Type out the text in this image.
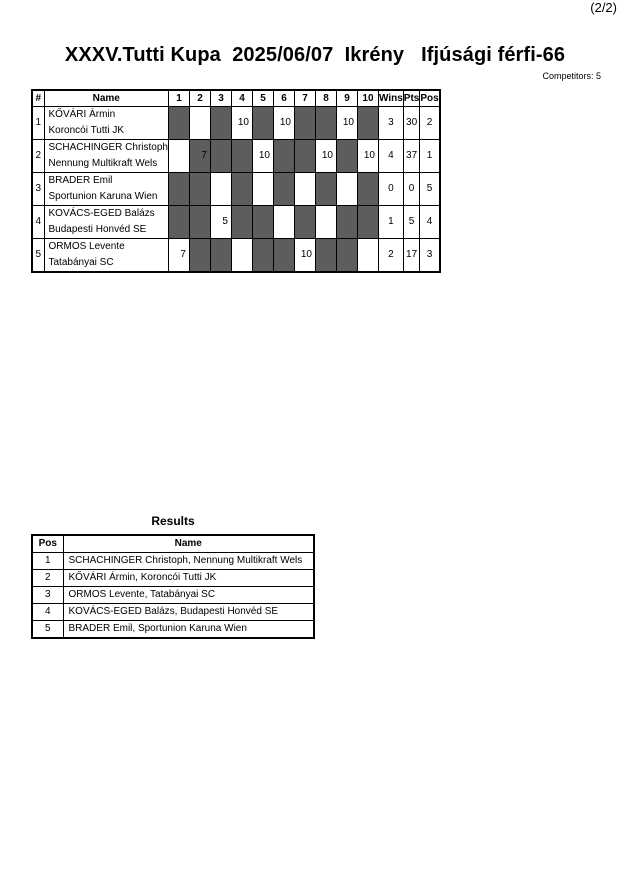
(2/2)
XXXV.Tutti Kupa  2025/06/07  Ikrény   Ifjúsági férfi-66
Competitors: 5
#	Name	1	2	3	4	5	6	7	8	9	10	Wins	Pts	Pos
1	KŐVÁRI Ármin				10		10			10		3	30	2
	Koroncói Tutti JK													
2	SCHACHINGER Christoph		7			10			10		10	4	37	1
	Nennung Multikraft Wels													
3	BRADER Emil											0	0	5
	Sportunion Karuna Wien													
4	KOVÁCS-EGED Balázs			5								1	5	4
	Budapesti Honvéd SE													
5	ORMOS Levente	7						10				2	17	3
	Tatabányai SC													
Results
Pos	Name
1	SCHACHINGER Christoph, Nennung Multikraft Wels
2	KŐVÁRI Ármin, Koroncói Tutti JK
3	ORMOS Levente, Tatabányai SC
4	KOVÁCS-EGED Balázs, Budapesti Honvéd SE
5	BRADER Emil, Sportunion Karuna Wien
